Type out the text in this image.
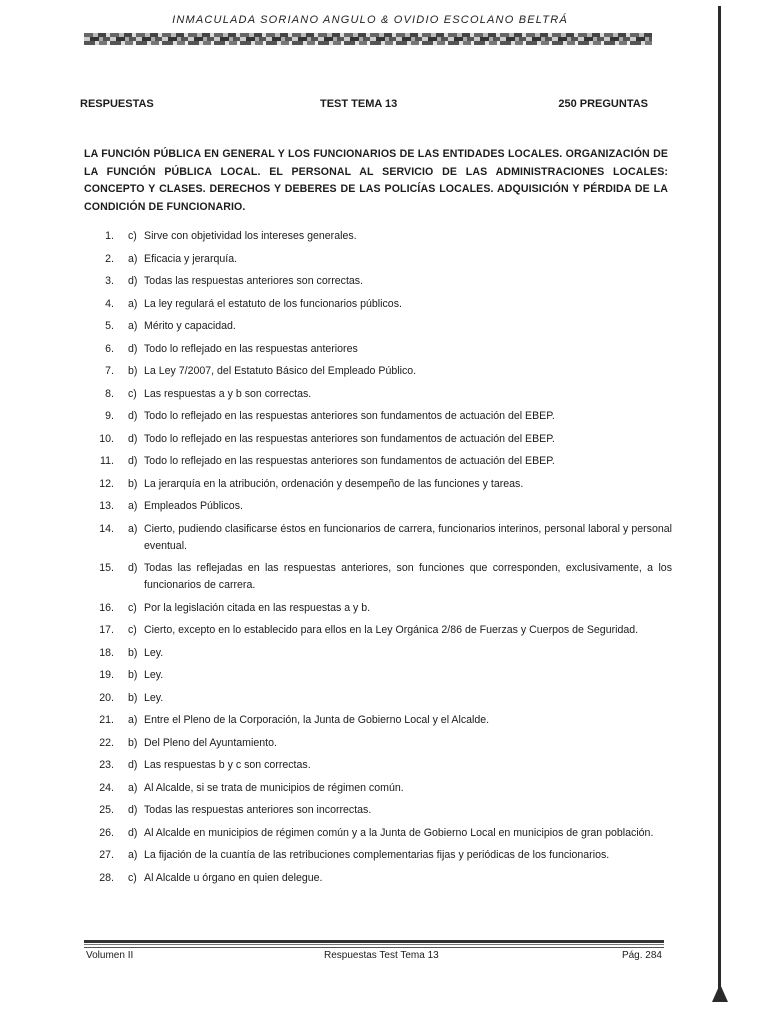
INMACULADA SORIANO ANGULO & OVIDIO ESCOLANO BELTRÁ
RESPUESTAS	TEST TEMA 13	250 PREGUNTAS
LA FUNCIÓN PÚBLICA EN GENERAL Y LOS FUNCIONARIOS DE LAS ENTIDADES LOCALES. ORGANIZACIÓN DE LA FUNCIÓN PÚBLICA LOCAL. EL PERSONAL AL SERVICIO DE LAS ADMINISTRACIONES LOCALES: CONCEPTO Y CLASES. DERECHOS Y DEBERES DE LAS POLICÍAS LOCALES. ADQUISICIÓN Y PÉRDIDA DE LA CONDICIÓN DE FUNCIONARIO.
1. c) Sirve con objetividad los intereses generales.
2. a) Eficacia y jerarquía.
3. d) Todas las respuestas anteriores son correctas.
4. a) La ley regulará el estatuto de los funcionarios públicos.
5. a) Mérito y capacidad.
6. d) Todo lo reflejado en las respuestas anteriores
7. b) La Ley 7/2007, del Estatuto Básico del Empleado Público.
8. c) Las respuestas a y b son correctas.
9. d) Todo lo reflejado en las respuestas anteriores son fundamentos de actuación del EBEP.
10. d) Todo lo reflejado en las respuestas anteriores son fundamentos de actuación del EBEP.
11. d) Todo lo reflejado en las respuestas anteriores son fundamentos de actuación del EBEP.
12. b) La jerarquía en la atribución, ordenación y desempeño de las funciones y tareas.
13. a) Empleados Públicos.
14. a) Cierto, pudiendo clasificarse éstos en funcionarios de carrera, funcionarios interinos, personal laboral y personal eventual.
15. d) Todas las reflejadas en las respuestas anteriores, son funciones que corresponden, exclusivamente, a los funcionarios de carrera.
16. c) Por la legislación citada en las respuestas a y b.
17. c) Cierto, excepto en lo establecido para ellos en la Ley Orgánica 2/86 de Fuerzas y Cuerpos de Seguridad.
18. b) Ley.
19. b) Ley.
20. b) Ley.
21. a) Entre el Pleno de la Corporación, la Junta de Gobierno Local y el Alcalde.
22. b) Del Pleno del Ayuntamiento.
23. d) Las respuestas b y c son correctas.
24. a) Al Alcalde, si se trata de municipios de régimen común.
25. d) Todas las respuestas anteriores son incorrectas.
26. d) Al Alcalde en municipios de régimen común y a la Junta de Gobierno Local en municipios de gran población.
27. a) La fijación de la cuantía de las retribuciones complementarias fijas y periódicas de los funcionarios.
28. c) Al Alcalde u órgano en quien delegue.
Volumen II	Respuestas Test Tema 13	Pág. 284
